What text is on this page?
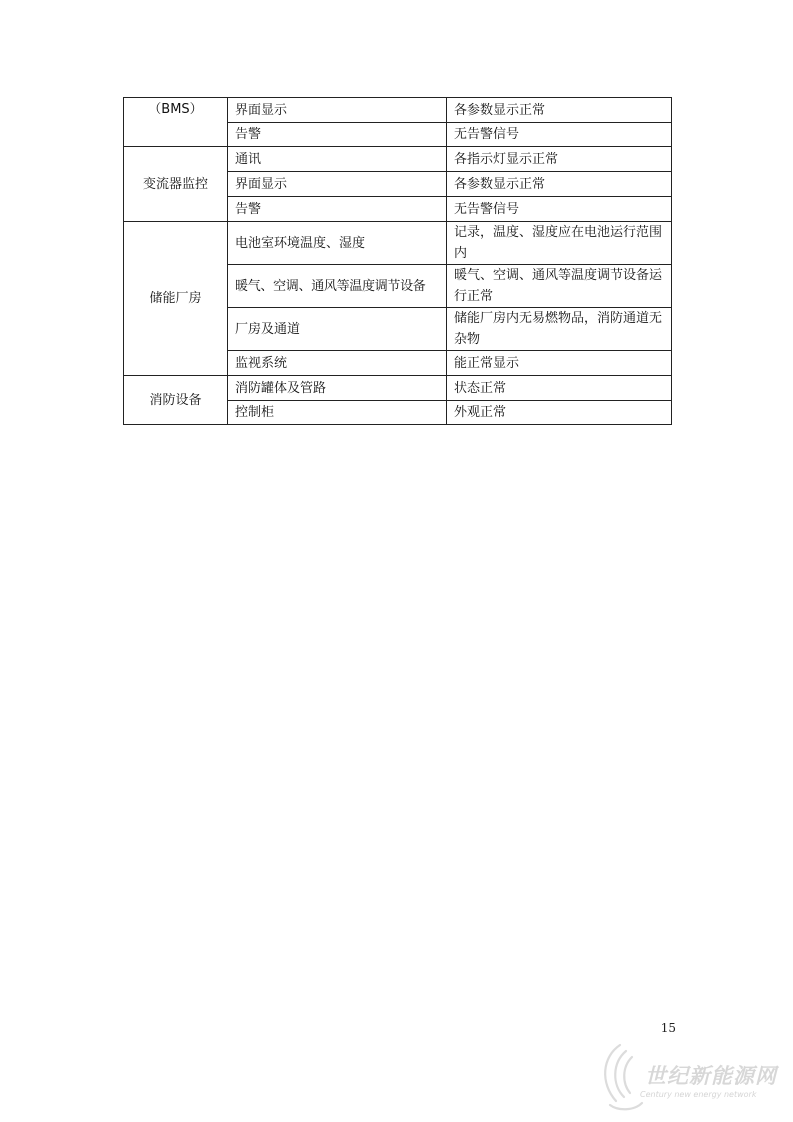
（BMS）	界面显示	各参数显示正常
	告警	无告警信号
变流器监控	通讯	各指示灯显示正常
	界面显示	各参数显示正常
	告警	无告警信号
储能厂房	电池室环境温度、湿度	记录，温度、湿度应在电池运行范围内
	暖气、空调、通风等温度调节设备	暖气、空调、通风等温度调节设备运行正常
	厂房及通道	储能厂房内无易燃物品，消防通道无杂物
	监视系统	能正常显示
消防设备	消防罐体及管路	状态正常
	控制柜	外观正常
15
世纪新能源网
Century new energy network
